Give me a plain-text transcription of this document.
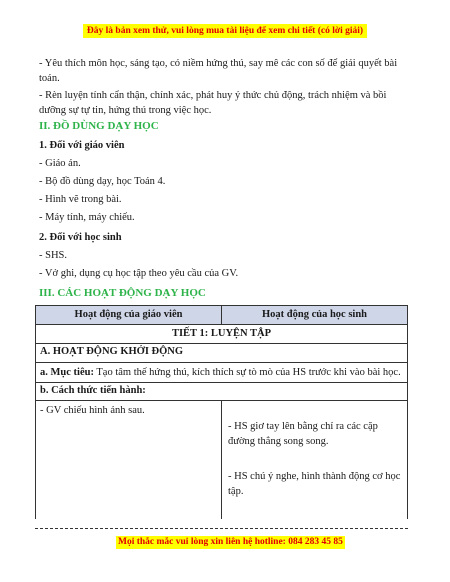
Đây là bản xem thử, vui lòng mua tài liệu để xem chi tiết (có lời giải)
- Yêu thích môn học, sáng tạo, có niềm hứng thú, say mê các con số để giải quyết bài toán.
- Rèn luyện tính cẩn thận, chính xác, phát huy ý thức chủ động, trách nhiệm và bồi dưỡng sự tự tin, hứng thú trong việc học.
II. ĐỒ DÙNG DẠY HỌC
1. Đối với giáo viên
- Giáo án.
- Bộ đồ dùng dạy, học Toán 4.
- Hình vẽ trong bài.
- Máy tính, máy chiếu.
2. Đối với học sinh
- SHS.
- Vở ghi, dụng cụ học tập theo yêu cầu của GV.
III. CÁC HOẠT ĐỘNG DẠY HỌC
Hoạt động của giáo viên	Hoạt động của học sinh
TIẾT 1: LUYỆN TẬP	
A. HOẠT ĐỘNG KHỞI ĐỘNG	
a. Mục tiêu: Tạo tâm thế hứng thú, kích thích sự tò mò của HS trước khi vào bài học.	
b. Cách thức tiến hành:	
- GV chiếu hình ảnh sau.	- HS giơ tay lên bằng chỉ ra các cặp đường thẳng song song.
- HS chú ý nghe, hình thành động cơ học tập.
Mọi thắc mắc vui lòng xin liên hệ hotline: 084 283 45 85
